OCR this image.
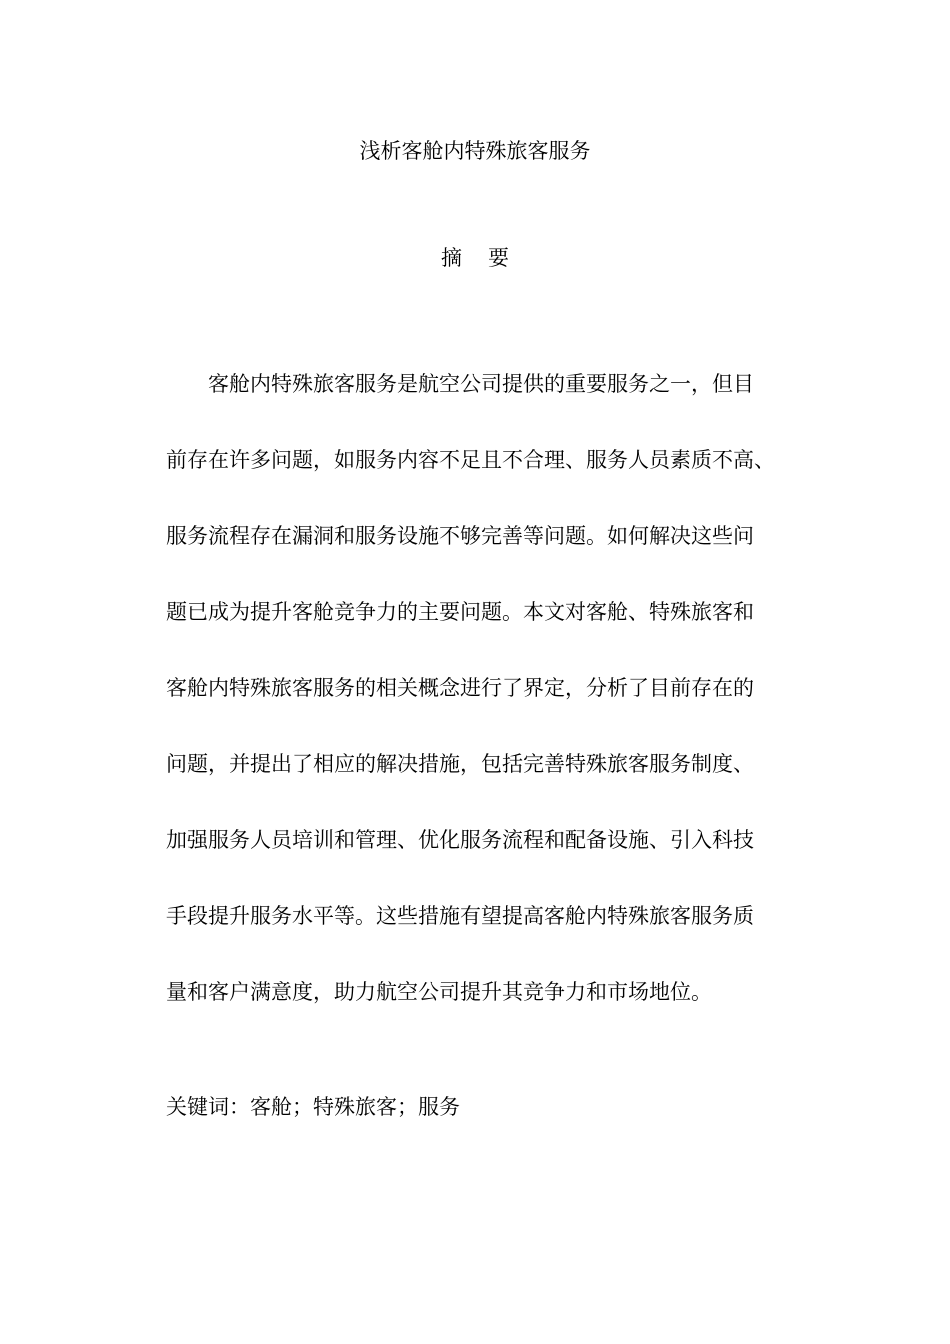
浅析客舱内特殊旅客服务
摘 要
客舱内特殊旅客服务是航空公司提供的重要服务之一，但目
前存在许多问题，如服务内容不足且不合理、服务人员素质不高、
服务流程存在漏洞和服务设施不够完善等问题。如何解决这些问
题已成为提升客舱竞争力的主要问题。本文对客舱、特殊旅客和
客舱内特殊旅客服务的相关概念进行了界定，分析了目前存在的
问题，并提出了相应的解决措施，包括完善特殊旅客服务制度、
加强服务人员培训和管理、优化服务流程和配备设施、引入科技
手段提升服务水平等。这些措施有望提高客舱内特殊旅客服务质
量和客户满意度，助力航空公司提升其竞争力和市场地位。
关键词：客舱；特殊旅客；服务
